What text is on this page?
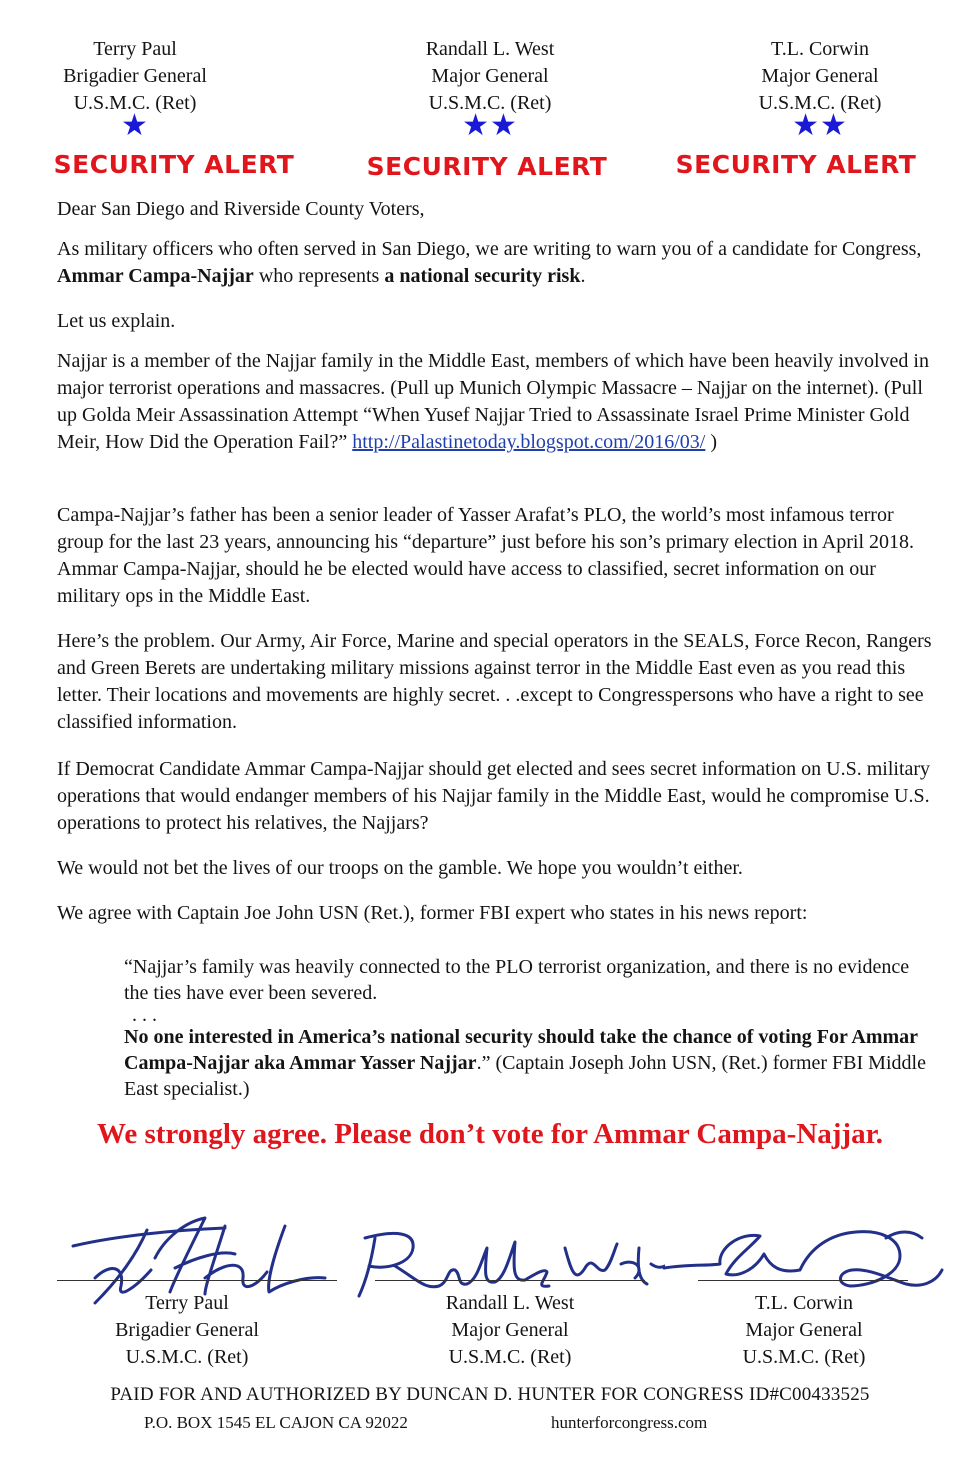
Terry Paul
Brigadier General
U.S.M.C. (Ret)
★
Randall L. West
Major General
U.S.M.C. (Ret)
★★
T.L. Corwin
Major General
U.S.M.C. (Ret)
★★
SECURITY ALERT	SECURITY ALERT	SECURITY ALERT

Dear San Diego and Riverside County Voters,

As military officers who often served in San Diego, we are writing to warn you of a candidate for Congress, Ammar Campa-Najjar who represents a national security risk.

Let us explain.

Najjar is a member of the Najjar family in the Middle East, members of which have been heavily involved in major terrorist operations and massacres. (Pull up Munich Olympic Massacre – Najjar on the internet). (Pull up Golda Meir Assassination Attempt “When Yusef Najjar Tried to Assassinate Israel Prime Minister Gold Meir, How Did the Operation Fail?” http://Palastinetoday.blogspot.com/2016/03/ )

Campa-Najjar’s father has been a senior leader of Yasser Arafat’s PLO, the world’s most infamous terror group for the last 23 years, announcing his “departure” just before his son’s primary election in April 2018. Ammar Campa-Najjar, should he be elected would have access to classified, secret information on our military ops in the Middle East.

Here’s the problem. Our Army, Air Force, Marine and special operators in the SEALS, Force Recon, Rangers and Green Berets are undertaking military missions against terror in the Middle East even as you read this letter. Their locations and movements are highly secret. . .except to Congresspersons who have a right to see classified information.

If Democrat Candidate Ammar Campa-Najjar should get elected and sees secret information on U.S. military operations that would endanger members of his Najjar family in the Middle East, would he compromise U.S. operations to protect his relatives, the Najjars?

We would not bet the lives of our troops on the gamble. We hope you wouldn’t either.

We agree with Captain Joe John USN (Ret.), former FBI expert who states in his news report:

“Najjar’s family was heavily connected to the PLO terrorist organization, and there is no evidence the ties have ever been severed.
. . .
No one interested in America’s national security should take the chance of voting For Ammar Campa-Najjar aka Ammar Yasser Najjar.” (Captain Joseph John USN, (Ret.) former FBI Middle East specialist.)
We strongly agree. Please don’t vote for Ammar Campa-Najjar.
Terry Paul
Brigadier General
U.S.M.C. (Ret)
Randall L. West
Major General
U.S.M.C. (Ret)
T.L. Corwin
Major General
U.S.M.C. (Ret)
PAID FOR AND AUTHORIZED BY DUNCAN D. HUNTER FOR CONGRESS ID#C00433525
P.O. BOX 1545 EL CAJON CA 92022	hunterforcongress.com
